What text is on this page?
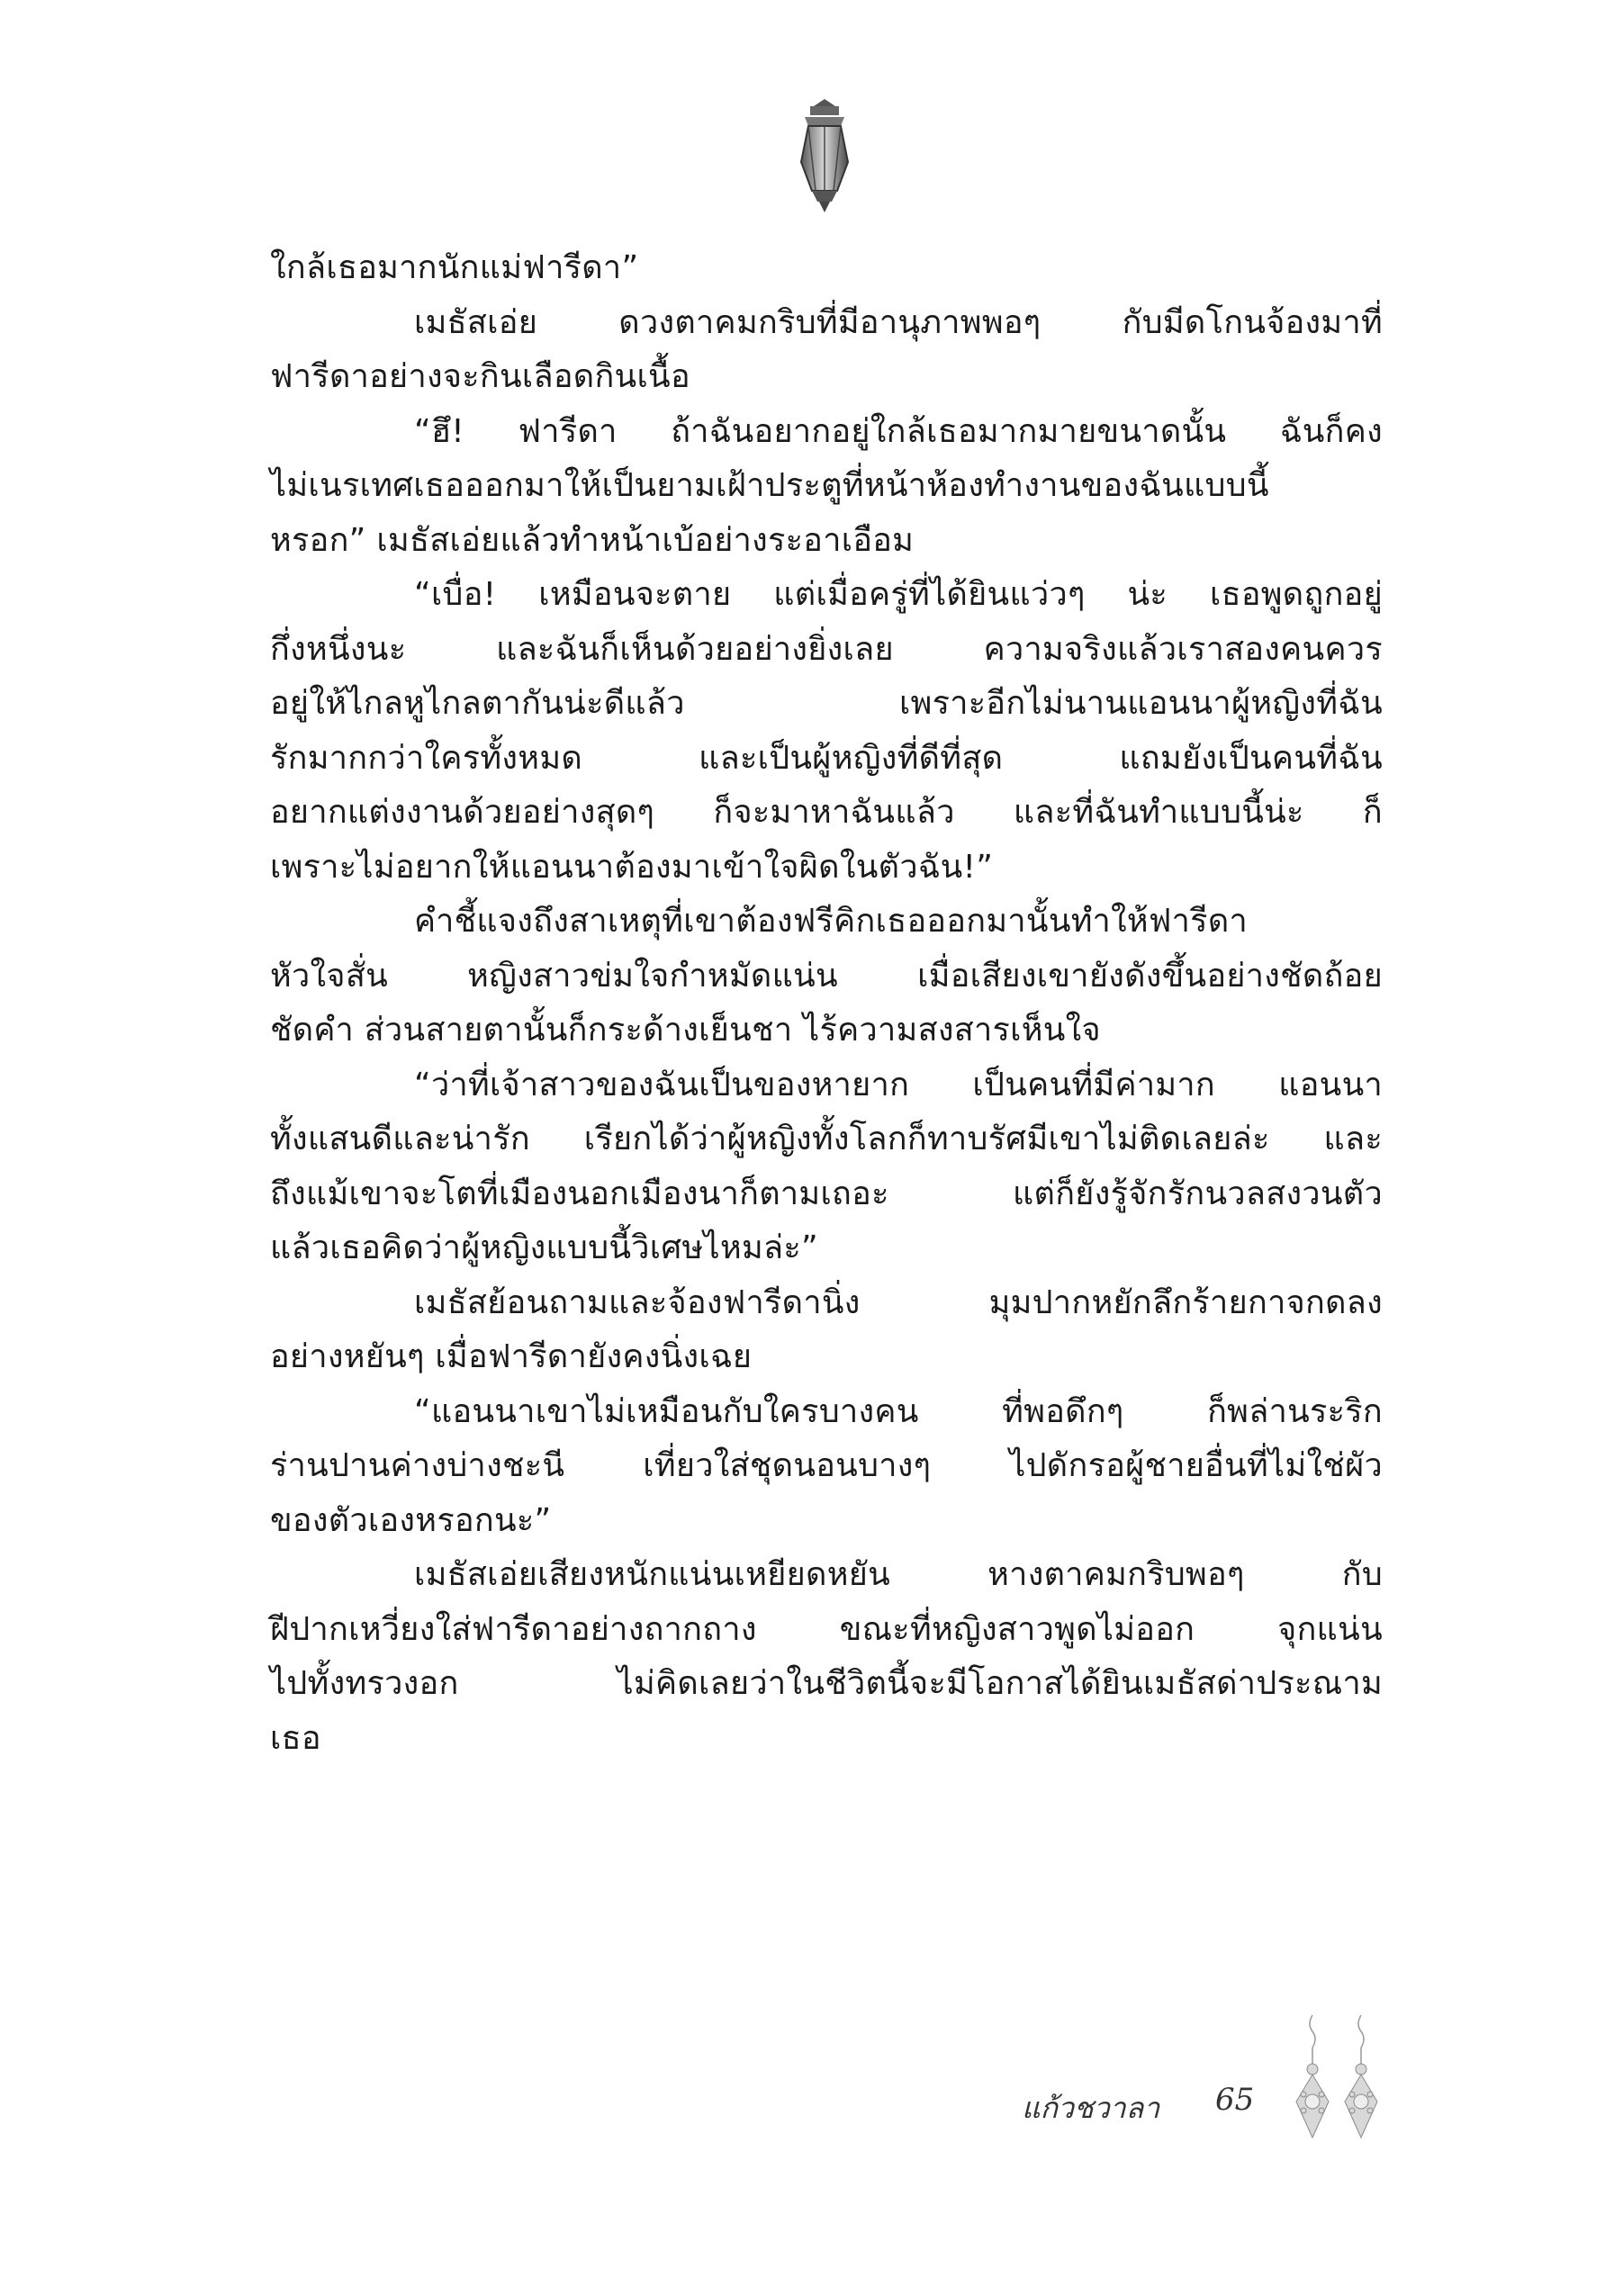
ใกล้เธอมากนักแม่ฟารีดา”
เมธัสเอ่ย ดวงตาคมกริบที่มีอานุภาพพอๆ กับมีดโกนจ้องมาที่
ฟารีดาอย่างจะกินเลือดกินเนื้อ
“ฮึ! ฟารีดา ถ้าฉันอยากอยู่ใกล้เธอมากมายขนาดนั้น ฉันก็คง
ไม่เนรเทศเธอออกมาให้เป็นยามเฝ้าประตูที่หน้าห้องทำงานของฉันแบบนี้
หรอก” เมธัสเอ่ยแล้วทำหน้าเบ้อย่างระอาเอือม
“เบื่อ! เหมือนจะตาย แต่เมื่อครู่ที่ได้ยินแว่วๆ น่ะ เธอพูดถูกอยู่
กึ่งหนึ่งนะ และฉันก็เห็นด้วยอย่างยิ่งเลย ความจริงแล้วเราสองคนควร
อยู่ให้ไกลหูไกลตากันน่ะดีแล้ว เพราะอีกไม่นานแอนนาผู้หญิงที่ฉัน
รักมากกว่าใครทั้งหมด และเป็นผู้หญิงที่ดีที่สุด แถมยังเป็นคนที่ฉัน
อยากแต่งงานด้วยอย่างสุดๆ ก็จะมาหาฉันแล้ว และที่ฉันทำแบบนี้น่ะ ก็
เพราะไม่อยากให้แอนนาต้องมาเข้าใจผิดในตัวฉัน!”
คำชี้แจงถึงสาเหตุที่เขาต้องฟรีคิกเธอออกมานั้นทำให้ฟารีดา
หัวใจสั่น หญิงสาวข่มใจกำหมัดแน่น เมื่อเสียงเขายังดังขึ้นอย่างชัดถ้อย
ชัดคำ ส่วนสายตานั้นก็กระด้างเย็นชา ไร้ความสงสารเห็นใจ
“ว่าที่เจ้าสาวของฉันเป็นของหายาก เป็นคนที่มีค่ามาก แอนนา
ทั้งแสนดีและน่ารัก เรียกได้ว่าผู้หญิงทั้งโลกก็ทาบรัศมีเขาไม่ติดเลยล่ะ และ
ถึงแม้เขาจะโตที่เมืองนอกเมืองนาก็ตามเถอะ แต่ก็ยังรู้จักรักนวลสงวนตัว
แล้วเธอคิดว่าผู้หญิงแบบนี้วิเศษไหมล่ะ”
เมธัสย้อนถามและจ้องฟารีดานิ่ง มุมปากหยักลึกร้ายกาจกดลง
อย่างหยันๆ เมื่อฟารีดายังคงนิ่งเฉย
“แอนนาเขาไม่เหมือนกับใครบางคน ที่พอดึกๆ ก็พล่านระริก
ร่านปานค่างบ่างชะนี เที่ยวใส่ชุดนอนบางๆ ไปดักรอผู้ชายอื่นที่ไม่ใช่ผัว
ของตัวเองหรอกนะ”
เมธัสเอ่ยเสียงหนักแน่นเหยียดหยัน หางตาคมกริบพอๆ กับ
ฝีปากเหวี่ยงใส่ฟารีดาอย่างถากถาง ขณะที่หญิงสาวพูดไม่ออก จุกแน่น
ไปทั้งทรวงอก ไม่คิดเลยว่าในชีวิตนี้จะมีโอกาสได้ยินเมธัสด่าประณาม
เธอ
แก้วชวาลา 65
